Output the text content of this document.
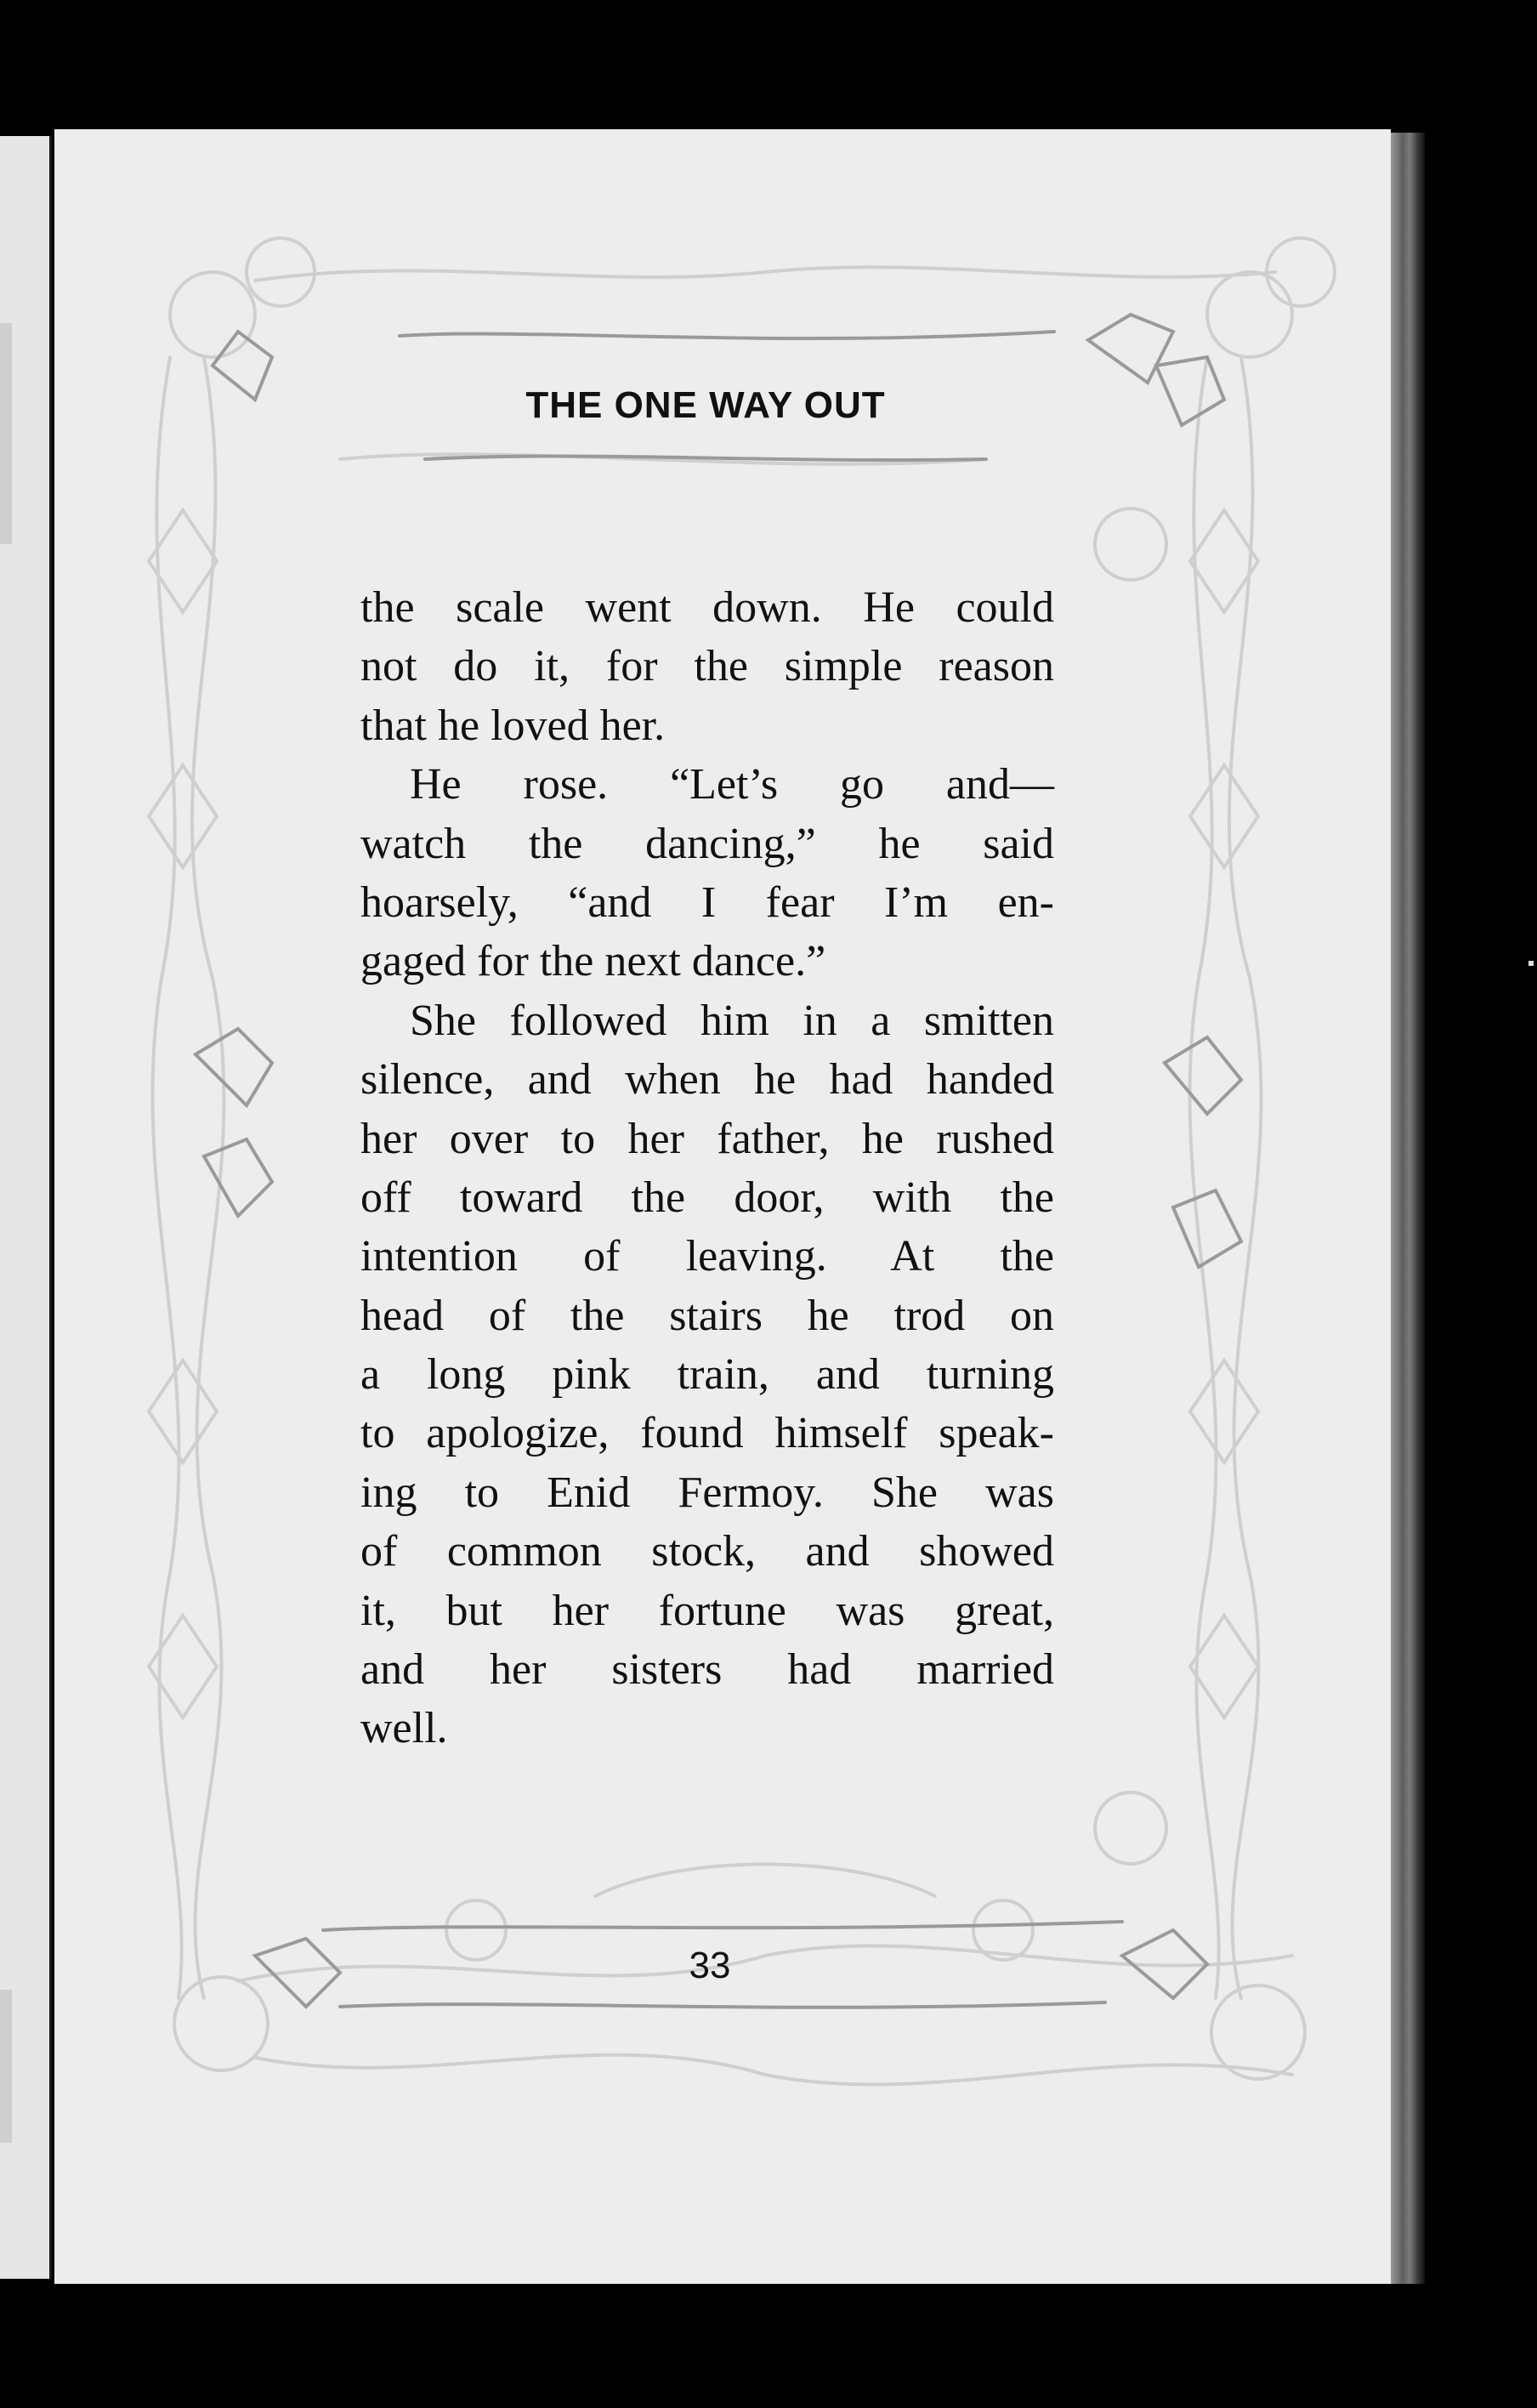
THE ONE WAY OUT
the scale went down. He could
not do it, for the simple reason
that he loved her.
He rose. “Let’s go and—
watch the dancing,” he said
hoarsely, “and I fear I’m en-
gaged for the next dance.”
She followed him in a smitten
silence, and when he had handed
her over to her father, he rushed
off toward the door, with the
intention of leaving. At the
head of the stairs he trod on
a long pink train, and turning
to apologize, found himself speak-
ing to Enid Fermoy. She was
of common stock, and showed
it, but her fortune was great,
and her sisters had married
well.
33
